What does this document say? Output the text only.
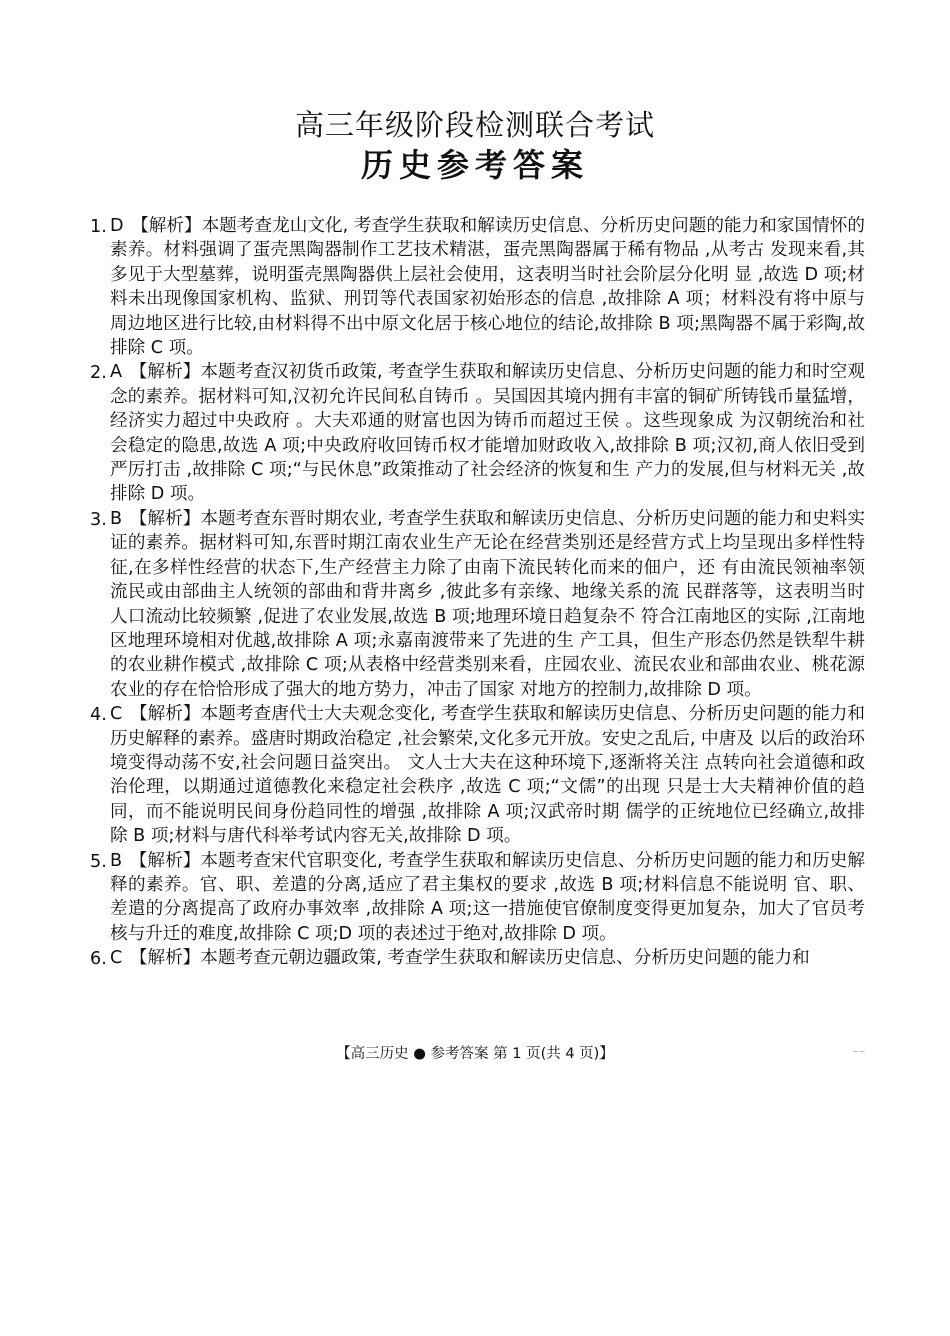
高三年级阶段检测联合考试
历史参考答案
1. D 【解析】本题考查龙山文化, 考查学生获取和解读历史信息、分析历史问题的能力和家国情怀的素养。材料强调了蛋壳黑陶器制作工艺技术精湛，蛋壳黑陶器属于稀有物品 ,从考古 发现来看,其多见于大型墓葬，说明蛋壳黑陶器供上层社会使用，这表明当时社会阶层分化明 显 ,故选 D 项;材料未出现像国家机构、监狱、刑罚等代表国家初始形态的信息 ,故排除 A 项；材料没有将中原与周边地区进行比较,由材料得不出中原文化居于核心地位的结论,故排除 B 项;黑陶器不属于彩陶,故排除 C 项。
2. A 【解析】本题考查汉初货币政策, 考查学生获取和解读历史信息、分析历史问题的能力和时空观念的素养。据材料可知,汉初允许民间私自铸币 。吴国因其境内拥有丰富的铜矿所铸钱币量猛增，经济实力超过中央政府 。大夫邓通的财富也因为铸币而超过王侯 。这些现象成 为汉朝统治和社会稳定的隐患,故选 A 项;中央政府收回铸币权才能增加财政收入,故排除 B 项;汉初,商人依旧受到严厉打击 ,故排除 C 项;“与民休息”政策推动了社会经济的恢复和生 产力的发展,但与材料无关 ,故排除 D 项。
3. B 【解析】本题考查东晋时期农业, 考查学生获取和解读历史信息、分析历史问题的能力和史料实证的素养。据材料可知,东晋时期江南农业生产无论在经营类别还是经营方式上均呈现出多样性特征,在多样性经营的状态下,生产经营主力除了由南下流民转化而来的佃户，还 有由流民领袖率领流民或由部曲主人统领的部曲和背井离乡 ,彼此多有亲缘、地缘关系的流 民群落等，这表明当时人口流动比较频繁 ,促进了农业发展,故选 B 项;地理环境日趋复杂不 符合江南地区的实际 ,江南地区地理环境相对优越,故排除 A 项;永嘉南渡带来了先进的生 产工具，但生产形态仍然是铁犁牛耕的农业耕作模式 ,故排除 C 项;从表格中经营类别来看，庄园农业、流民农业和部曲农业、桃花源农业的存在恰恰形成了强大的地方势力，冲击了国家 对地方的控制力,故排除 D 项。
4. C 【解析】本题考查唐代士大夫观念变化, 考查学生获取和解读历史信息、分析历史问题的能力和历史解释的素养。盛唐时期政治稳定 ,社会繁荣,文化多元开放。安史之乱后, 中唐及 以后的政治环境变得动荡不安,社会问题日益突出。 文人士大夫在这种环境下,逐渐将关注 点转向社会道德和政治伦理，以期通过道德教化来稳定社会秩序 ,故选 C 项;“文儒”的出现 只是士大夫精神价值的趋同，而不能说明民间身份趋同性的增强 ,故排除 A 项;汉武帝时期 儒学的正统地位已经确立,故排除 B 项;材料与唐代科举考试内容无关,故排除 D 项。
5. B 【解析】本题考查宋代官职变化, 考查学生获取和解读历史信息、分析历史问题的能力和历史解释的素养。官、职、差遣的分离,适应了君主集权的要求 ,故选 B 项;材料信息不能说明 官、职、差遣的分离提高了政府办事效率 ,故排除 A 项;这一措施使官僚制度变得更加复杂，加大了官员考核与升迁的难度,故排除 C 项;D 项的表述过于绝对,故排除 D 项。
6. C 【解析】本题考查元朝边疆政策, 考查学生获取和解读历史信息、分析历史问题的能力和
【高三历史 ● 参考答案 第 1 页(共 4 页)】	~~
